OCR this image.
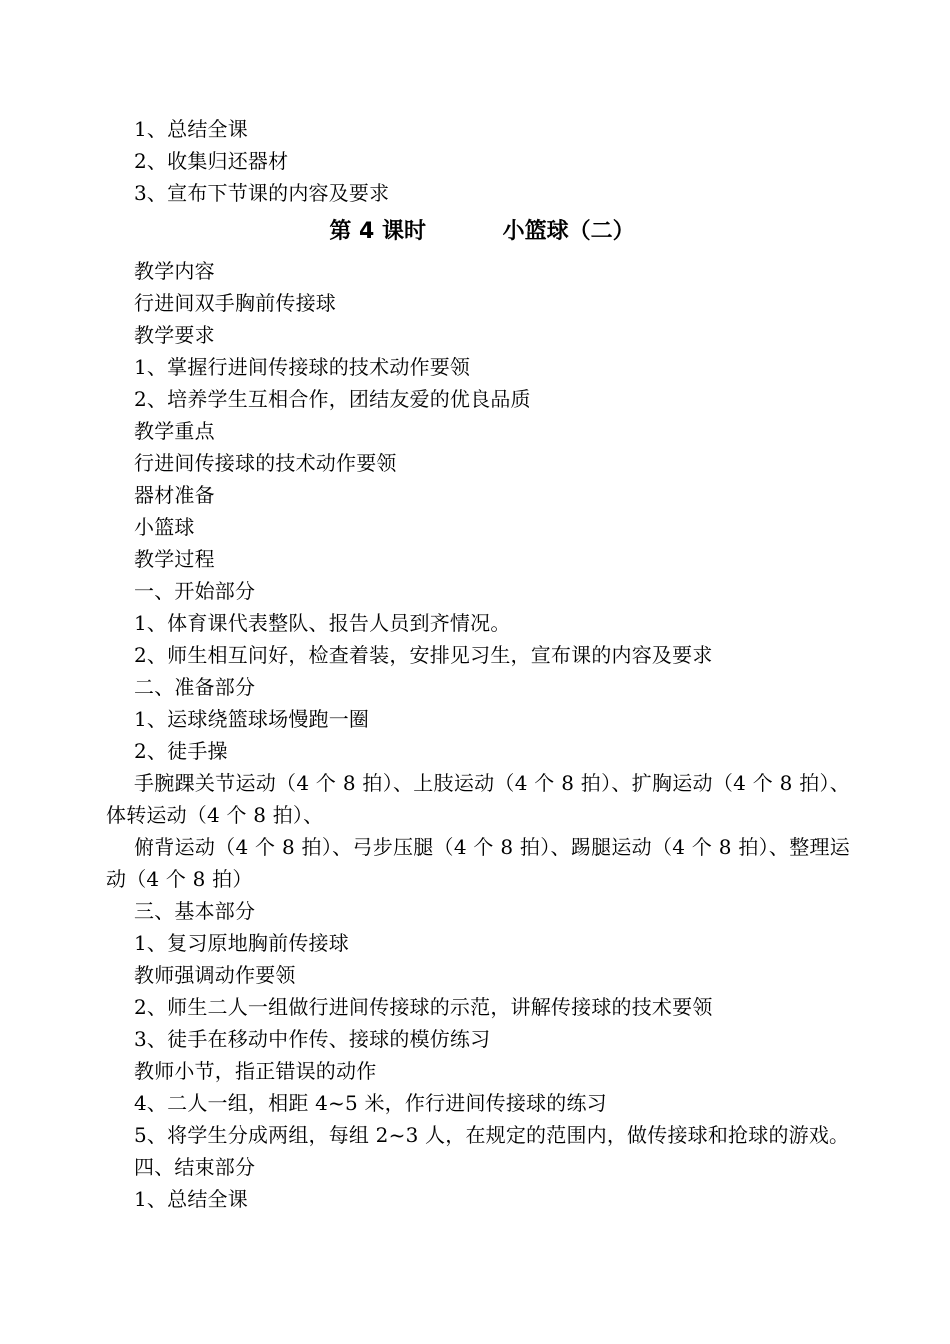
1、总结全课
2、收集归还器材
3、宣布下节课的内容及要求
第 4 课时          小篮球（二）
教学内容
行进间双手胸前传接球
教学要求
1、掌握行进间传接球的技术动作要领
2、培养学生互相合作，团结友爱的优良品质
教学重点
行进间传接球的技术动作要领
器材准备
小篮球
教学过程
一、开始部分
1、体育课代表整队、报告人员到齐情况。
2、师生相互问好，检查着装，安排见习生，宣布课的内容及要求
二、准备部分
1、运球绕篮球场慢跑一圈
2、徒手操
手腕踝关节运动（4 个 8 拍）、上肢运动（4 个 8 拍）、扩胸运动（4 个 8 拍）、体转运动（4 个 8 拍）、
俯背运动（4 个 8 拍）、弓步压腿（4 个 8 拍）、踢腿运动（4 个 8 拍）、整理运动（4 个 8 拍）
三、基本部分
1、复习原地胸前传接球
教师强调动作要领
2、师生二人一组做行进间传接球的示范，讲解传接球的技术要领
3、徒手在移动中作传、接球的模仿练习
教师小节，指正错误的动作
4、二人一组，相距 4~5 米，作行进间传接球的练习
5、将学生分成两组，每组 2~3 人，在规定的范围内，做传接球和抢球的游戏。
四、结束部分
1、总结全课
